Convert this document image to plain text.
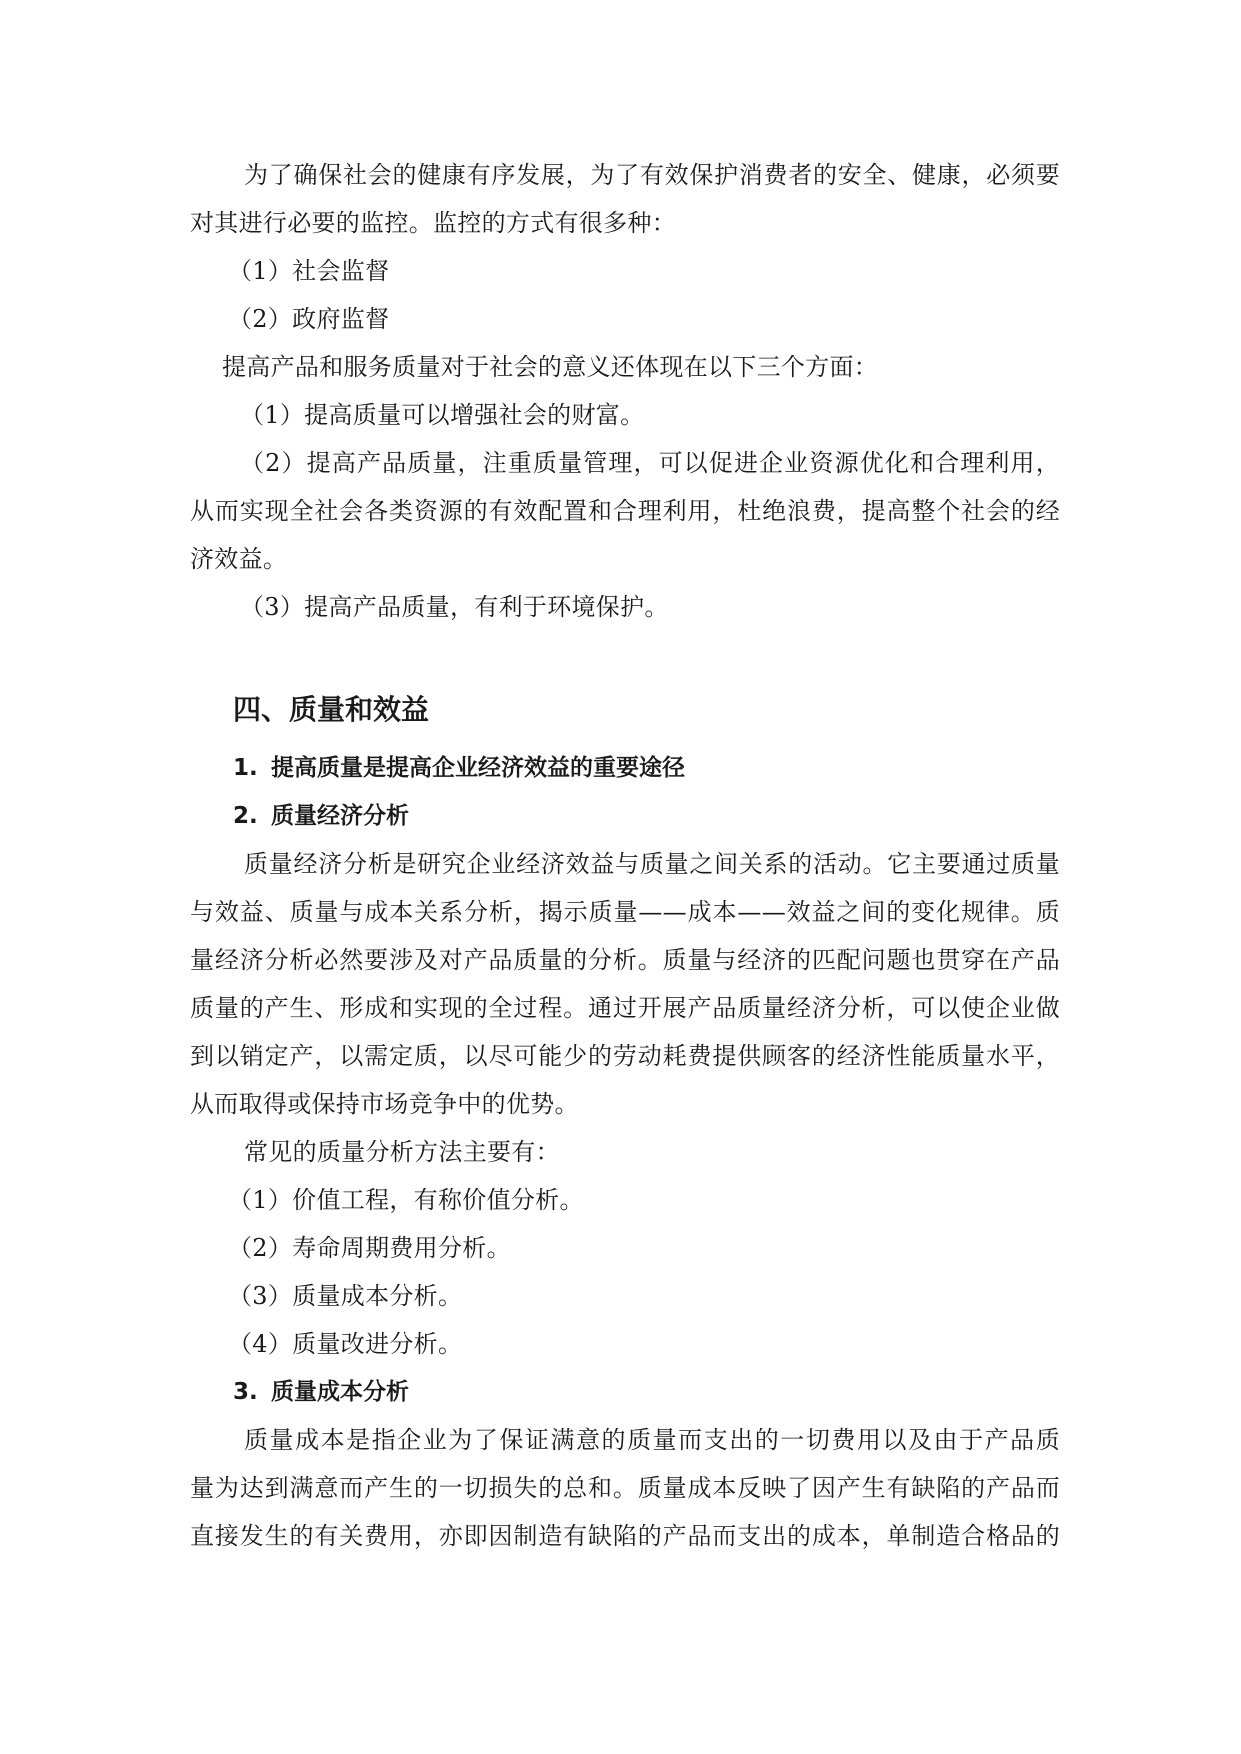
为了确保社会的健康有序发展，为了有效保护消费者的安全、健康，必须要
对其进行必要的监控。监控的方式有很多种：
（1）社会监督
（2）政府监督
提高产品和服务质量对于社会的意义还体现在以下三个方面：
（1）提高质量可以增强社会的财富。
（2）提高产品质量，注重质量管理，可以促进企业资源优化和合理利用，
从而实现全社会各类资源的有效配置和合理利用，杜绝浪费，提高整个社会的经
济效益。
（3）提高产品质量，有利于环境保护。
四、质量和效益
1. 提高质量是提高企业经济效益的重要途径
2. 质量经济分析
质量经济分析是研究企业经济效益与质量之间关系的活动。它主要通过质量
与效益、质量与成本关系分析，揭示质量——成本——效益之间的变化规律。质
量经济分析必然要涉及对产品质量的分析。质量与经济的匹配问题也贯穿在产品
质量的产生、形成和实现的全过程。通过开展产品质量经济分析，可以使企业做
到以销定产，以需定质，以尽可能少的劳动耗费提供顾客的经济性能质量水平，
从而取得或保持市场竞争中的优势。
常见的质量分析方法主要有：
（1）价值工程，有称价值分析。
（2）寿命周期费用分析。
（3）质量成本分析。
（4）质量改进分析。
3. 质量成本分析
质量成本是指企业为了保证满意的质量而支出的一切费用以及由于产品质
量为达到满意而产生的一切损失的总和。质量成本反映了因产生有缺陷的产品而
直接发生的有关费用，亦即因制造有缺陷的产品而支出的成本，单制造合格品的
